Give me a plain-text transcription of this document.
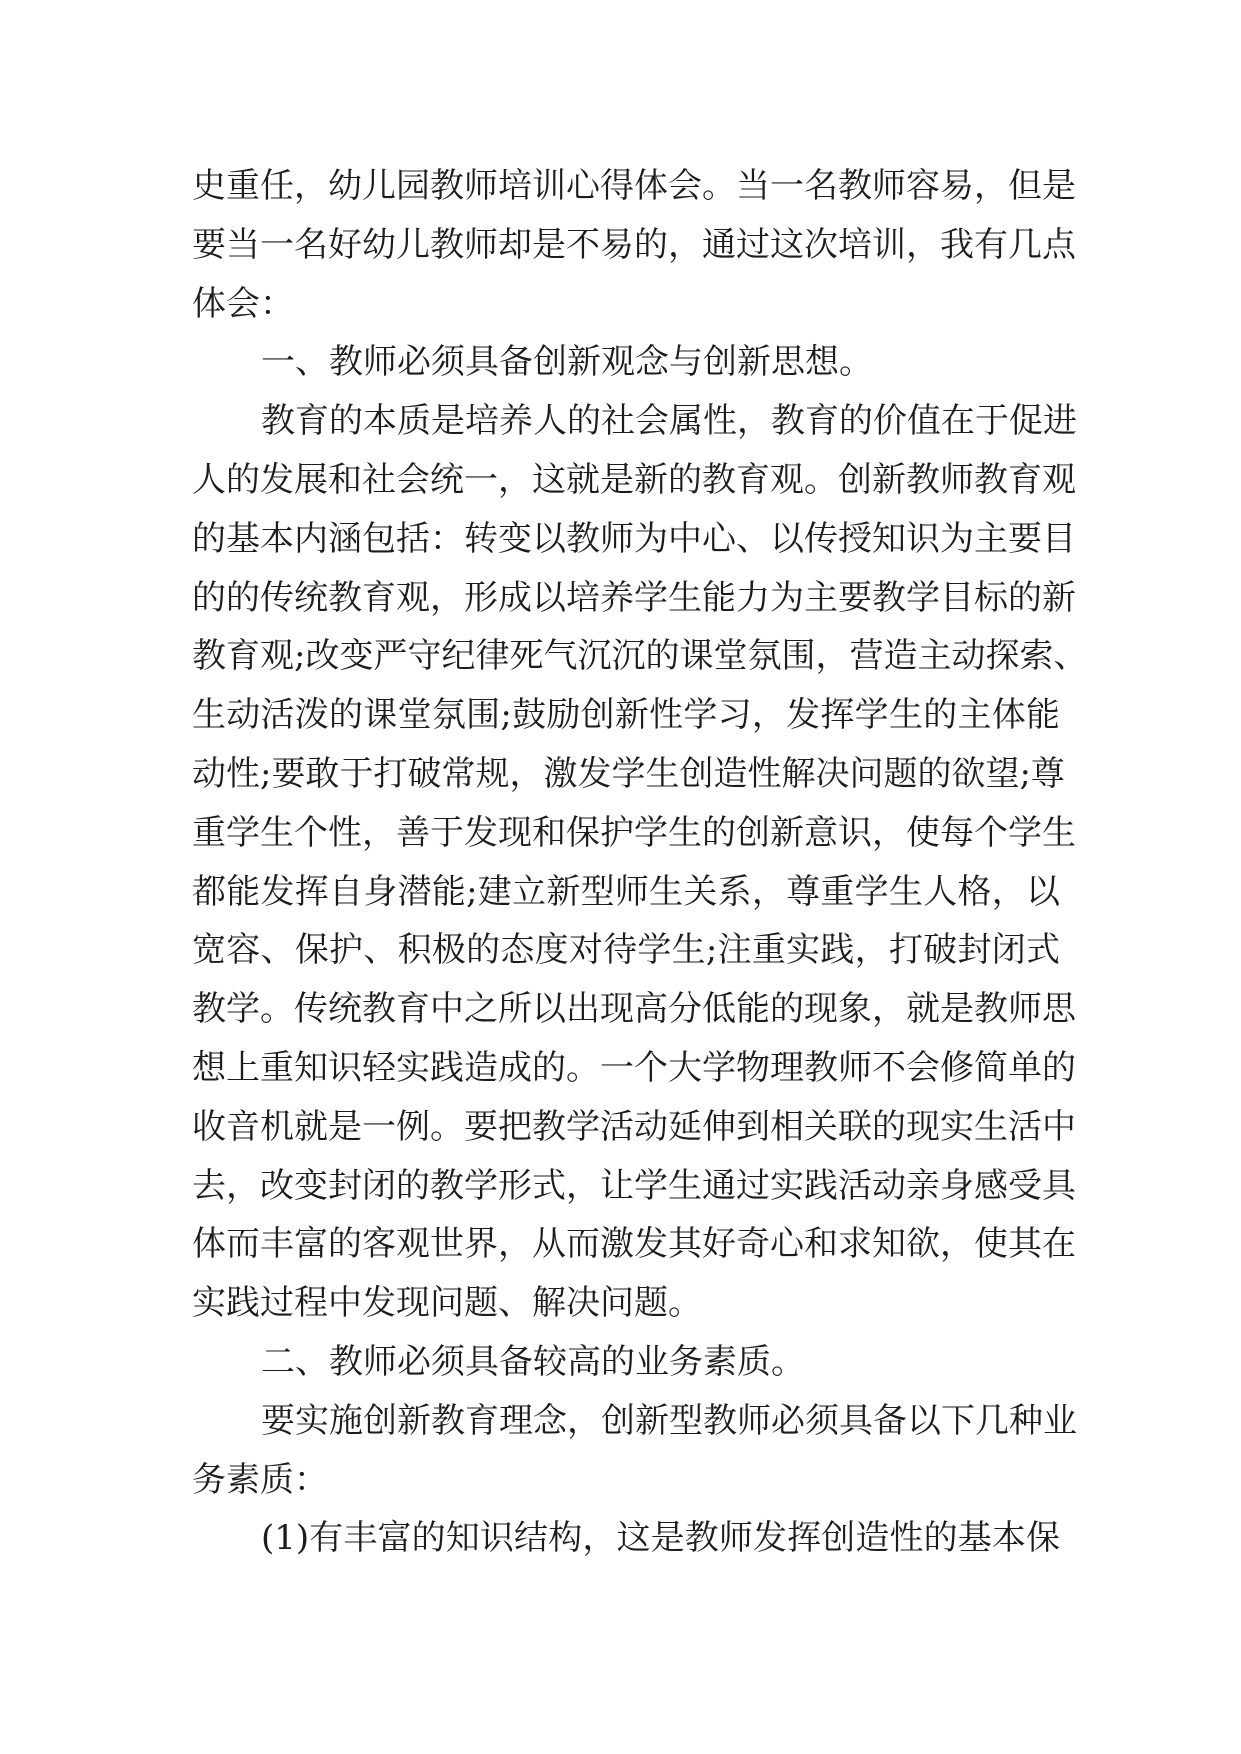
史重任，幼儿园教师培训心得体会。当一名教师容易，但是
要当一名好幼儿教师却是不易的，通过这次培训，我有几点
体会：
一、教师必须具备创新观念与创新思想。
教育的本质是培养人的社会属性，教育的价值在于促进
人的发展和社会统一，这就是新的教育观。创新教师教育观
的基本内涵包括：转变以教师为中心、以传授知识为主要目
的的传统教育观，形成以培养学生能力为主要教学目标的新
教育观;改变严守纪律死气沉沉的课堂氛围，营造主动探索、
生动活泼的课堂氛围;鼓励创新性学习，发挥学生的主体能
动性;要敢于打破常规，激发学生创造性解决问题的欲望;尊
重学生个性，善于发现和保护学生的创新意识，使每个学生
都能发挥自身潜能;建立新型师生关系，尊重学生人格，以
宽容、保护、积极的态度对待学生;注重实践，打破封闭式
教学。传统教育中之所以出现高分低能的现象，就是教师思
想上重知识轻实践造成的。一个大学物理教师不会修简单的
收音机就是一例。要把教学活动延伸到相关联的现实生活中
去，改变封闭的教学形式，让学生通过实践活动亲身感受具
体而丰富的客观世界，从而激发其好奇心和求知欲，使其在
实践过程中发现问题、解决问题。
二、教师必须具备较高的业务素质。
要实施创新教育理念，创新型教师必须具备以下几种业
务素质：
(1)有丰富的知识结构，这是教师发挥创造性的基本保
